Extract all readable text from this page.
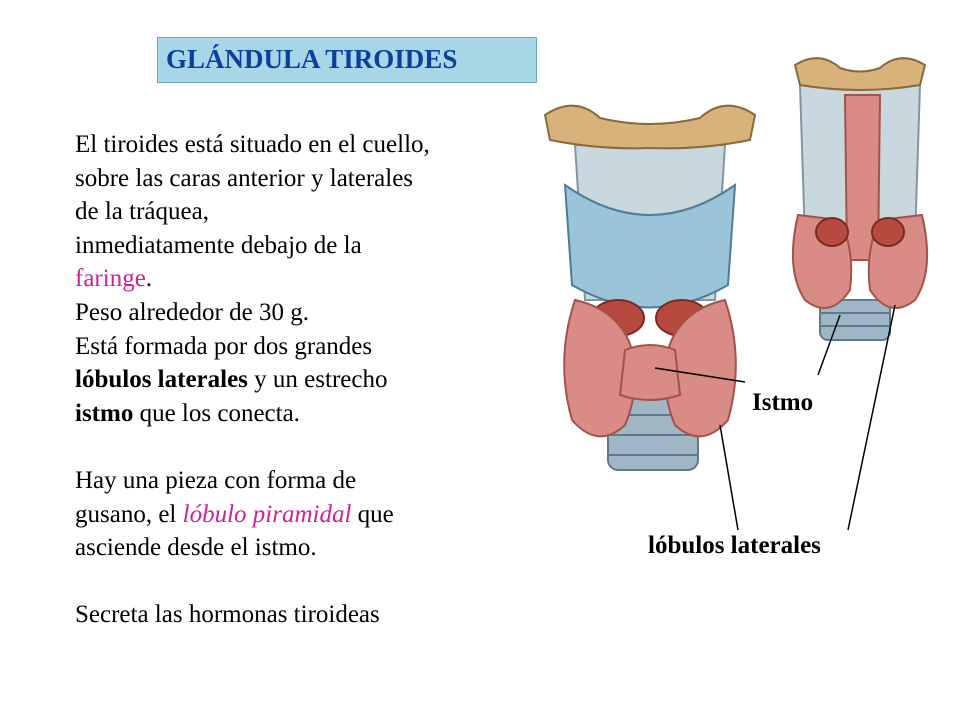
GLÁNDULA TIROIDES
El tiroides está situado en el cuello,
sobre las caras anterior y laterales
de la tráquea,
inmediatamente debajo de la
faringe.
Peso alrededor de 30 g.
Está formada por dos grandes
lóbulos laterales y un estrecho
istmo que los conecta.
Hay una pieza con forma de
gusano, el lóbulo piramidal que
asciende desde el istmo.
Secreta las hormonas tiroideas
Istmo
lóbulos laterales
